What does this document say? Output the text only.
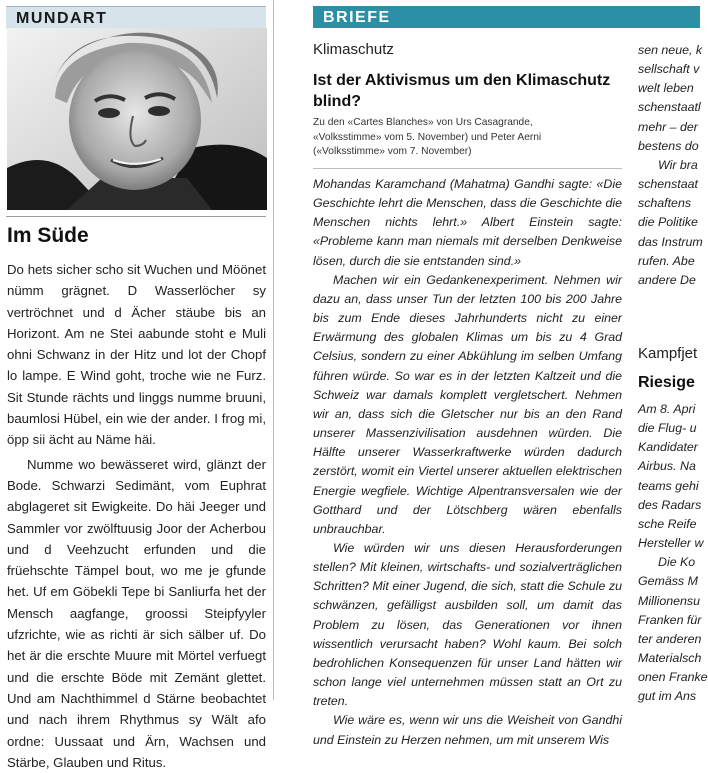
MUNDART
Im Süde

Do hets sicher scho sit Wuchen und Möönet nümm grägnet. D Wasserlöcher sy vertröchnet und d Ächer stäube bis an Horizont. Am ne Stei aabunde stoht e Muli ohni Schwanz in der Hitz und lot der Chopf lo lampe. E Wind goht, troche wie ne Furz. Sit Stunde rächts und linggs numme bruuni, baumlosi Hübel, ein wie der ander. I frog mi, öpp sii ächt au Näme häi.

Numme wo bewässeret wird, glänzt der Bode. Schwarzi Sedimänt, vom Euphrat abglageret sit Ewigkeite. Do häi Jeeger und Sammler vor zwölftuusig Joor der Acherbou und d Veehzucht erfunden und die früehschte Tämpel bout, wo me je gfunde het. Uf em Göbekli Tepe bi Sanliurfa het der Mensch aagfange, groossi Steipfyyler ufzrichte, wie as richti är sich sälber uf. Do het är die erschte Muure mit Mörtel verfuegt und die erschte Böde mit Zemänt glettet. Und am Nachthimmel d Stärne beobachtet und nach ihrem Rhythmus sy Wält afo ordne: Uussaat und Ärn, Wachsen und Stärbe, Glauben und Ritus.

BRIEFE

Klimaschutz

Ist der Aktivismus um den Klimaschutz blind?
Zu den «Cartes Blanches» von Urs Casagrande, «Volksstimme» vom 5. November) und Peter Aerni («Volksstimme» vom 7. November)

Mohandas Karamchand (Mahatma) Gandhi sagte: «Die Geschichte lehrt die Menschen, dass die Geschichte die Menschen nichts lehrt.» Albert Einstein sagte: «Probleme kann man niemals mit derselben Denkweise lösen, durch die sie entstanden sind.»

Machen wir ein Gedankenexperiment. Nehmen wir dazu an, dass unser Tun der letzten 100 bis 200 Jahre bis zum Ende dieses Jahrhunderts nicht zu einer Erwärmung des globalen Klimas um bis zu 4 Grad Celsius, sondern zu einer Abkühlung im selben Umfang führen würde. So war es in der letzten Kaltzeit und die Schweiz war damals komplett vergletschert. Nehmen wir an, dass sich die Gletscher nur bis an den Rand unserer Massenzivilisation ausdehnen würden. Die Hälfte unserer Wasserkraftwerke würden dadurch zerstört, womit ein Viertel unserer aktuellen elektrischen Energie wegfiele. Wichtige Alpentransversalen wie der Gotthard und der Lötschberg wären ebenfalls unbrauchbar.

Wie würden wir uns diesen Herausforderungen stellen? Mit kleinen, wirtschafts- und sozialverträglichen Schritten? Mit einer Jugend, die sich, statt die Schule zu schwänzen, gefälligst ausbilden soll, um damit das Problem zu lösen, das Generationen vor ihnen wissentlich verursacht haben? Wohl kaum. Bei solch bedrohlichen Konsequenzen für unser Land hätten wir schon lange viel unternehmen müssen statt an Ort zu treten.

Wie wäre es, wenn wir uns die Weisheit von Gandhi und Einstein zu Herzen nehmen, um mit unserem Wis

sen neue, k
sellschaft v
welt leben
schenstaatl
mehr – der
bestens do
Wir bra
schenstaat
schaftens
die Politike
das Instrum
rufen. Abe
andere De

Kampfjet

Riesige

Am 8. Apri
die Flug- u
Kandidater
Airbus. Na
teams gehi
des Radars
sche Reife
Hersteller w
Die Ko
Gemäss M
Millionensu
Franken für
ter anderen
Materialsch
onen Franke
gut im Ans
